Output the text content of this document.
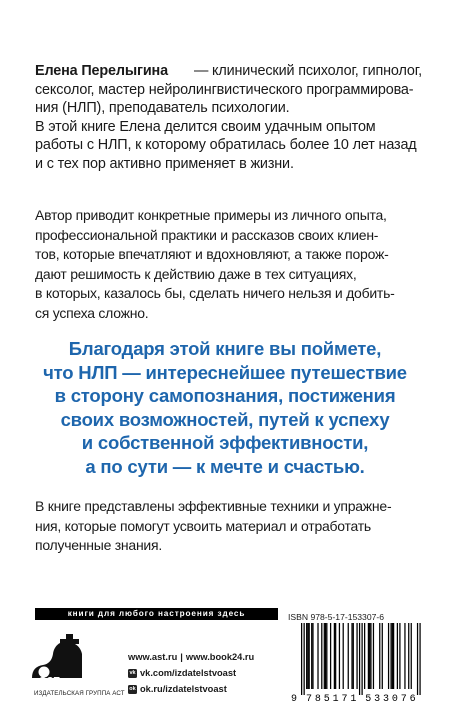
Елена Перелыгина — клинический психолог, гипнолог,
сексолог, мастер нейролингвистического программирова-
ния (НЛП), преподаватель психологии.
В этой книге Елена делится своим удачным опытом
работы с НЛП, к которому обратилась более 10 лет назад
и с тех пор активно применяет в жизни.
Автор приводит конкретные примеры из личного опыта,
профессиональной практики и рассказов своих клиен-
тов, которые впечатляют и вдохновляют, а также порож-
дают решимость к действию даже в тех ситуациях,
в которых, казалось бы, сделать ничего нельзя и добить-
ся успеха сложно.
Благодаря этой книге вы поймете,
что НЛП — интереснейшее путешествие
в сторону самопознания, постижения
своих возможностей, путей к успеху
и собственной эффективности,
а по сути — к мечте и счастью.
В книге представлены эффективные техники и упражне-
ния, которые помогут усвоить материал и отработать
полученные знания.
книги для любого настроения здесь
аст
ИЗДАТЕЛЬСКАЯ ГРУППА АСТ
www.ast.ru | www.book24.ru
vk vk.com/izdatelstvoast
ok ok.ru/izdatelstvoast
ISBN 978-5-17-153307-6
9 785171 533076
